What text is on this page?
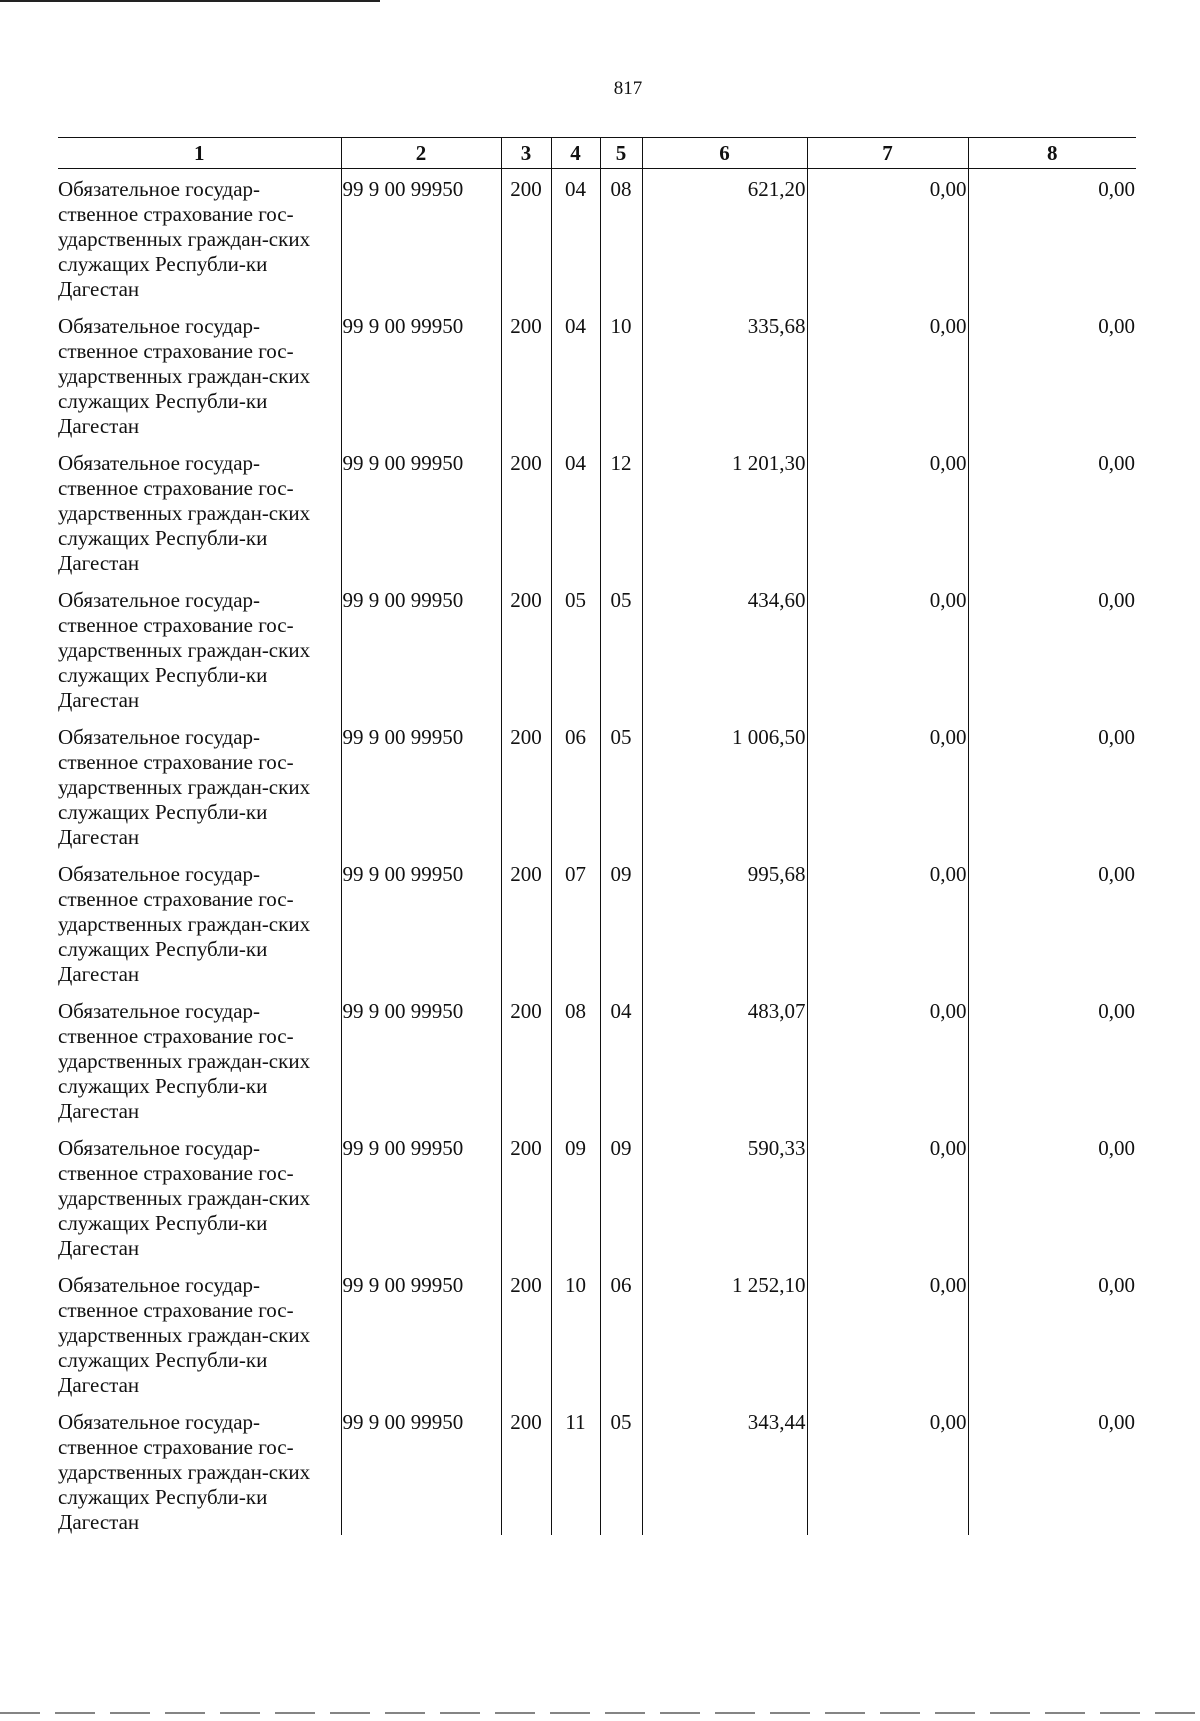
817
1	2	3	4	5	6	7	8
Обязательное государ-ственное страхование гос-ударственных граждан-ских служащих Республи-ки Дагестан	99 9 00 99950	200	04	08	621,20	0,00	0,00
Обязательное государ-ственное страхование гос-ударственных граждан-ских служащих Республи-ки Дагестан	99 9 00 99950	200	04	10	335,68	0,00	0,00
Обязательное государ-ственное страхование гос-ударственных граждан-ских служащих Республи-ки Дагестан	99 9 00 99950	200	04	12	1 201,30	0,00	0,00
Обязательное государ-ственное страхование гос-ударственных граждан-ских служащих Республи-ки Дагестан	99 9 00 99950	200	05	05	434,60	0,00	0,00
Обязательное государ-ственное страхование гос-ударственных граждан-ских служащих Республи-ки Дагестан	99 9 00 99950	200	06	05	1 006,50	0,00	0,00
Обязательное государ-ственное страхование гос-ударственных граждан-ских служащих Республи-ки Дагестан	99 9 00 99950	200	07	09	995,68	0,00	0,00
Обязательное государ-ственное страхование гос-ударственных граждан-ских служащих Республи-ки Дагестан	99 9 00 99950	200	08	04	483,07	0,00	0,00
Обязательное государ-ственное страхование гос-ударственных граждан-ских служащих Республи-ки Дагестан	99 9 00 99950	200	09	09	590,33	0,00	0,00
Обязательное государ-ственное страхование гос-ударственных граждан-ских служащих Республи-ки Дагестан	99 9 00 99950	200	10	06	1 252,10	0,00	0,00
Обязательное государ-ственное страхование гос-ударственных граждан-ских служащих Республи-ки Дагестан	99 9 00 99950	200	11	05	343,44	0,00	0,00
